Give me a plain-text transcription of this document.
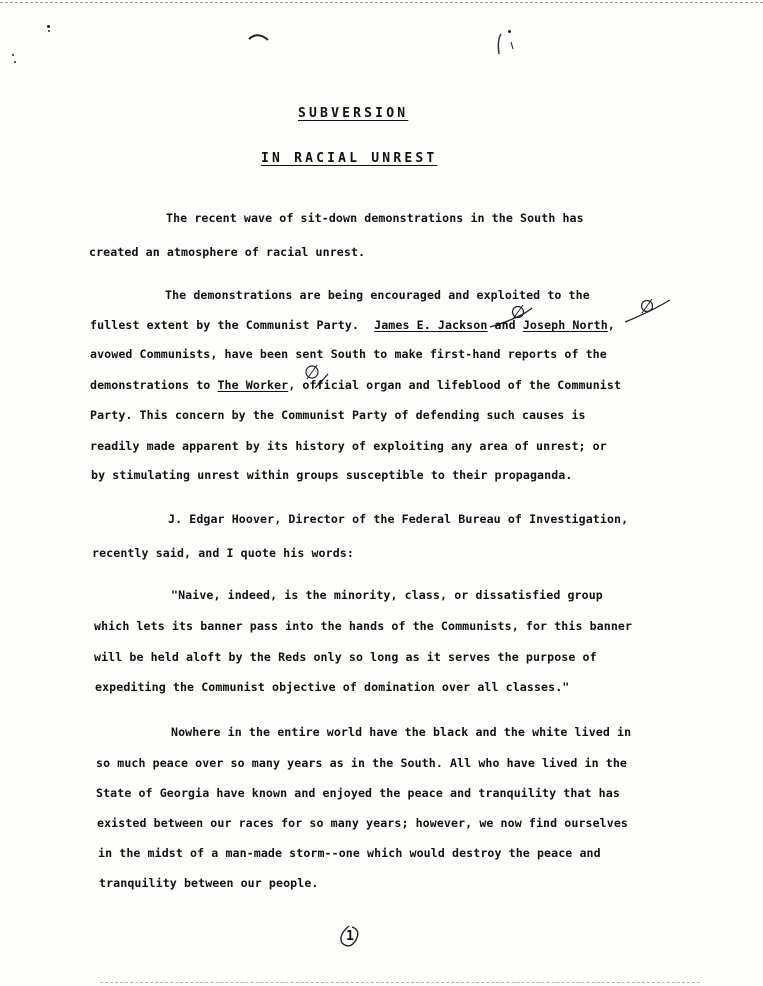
SUBVERSION
IN RACIAL UNREST
The recent wave of sit-down demonstrations in the South has
created an atmosphere of racial unrest.
The demonstrations are being encouraged and exploited to the
fullest extent by the Communist Party. James E. Jackson and Joseph North,
avowed Communists, have been sent South to make first-hand reports of the
demonstrations to The Worker, official organ and lifeblood of the Communist
Party. This concern by the Communist Party of defending such causes is
readily made apparent by its history of exploiting any area of unrest; or
by stimulating unrest within groups susceptible to their propaganda.
J. Edgar Hoover, Director of the Federal Bureau of Investigation,
recently said, and I quote his words:
"Naive, indeed, is the minority, class, or dissatisfied group
which lets its banner pass into the hands of the Communists, for this banner
will be held aloft by the Reds only so long as it serves the purpose of
expediting the Communist objective of domination over all classes."
Nowhere in the entire world have the black and the white lived in
so much peace over so many years as in the South. All who have lived in the
State of Georgia have known and enjoyed the peace and tranquility that has
existed between our races for so many years; however, we now find ourselves
in the midst of a man-made storm--one which would destroy the peace and
tranquility between our people.
1
